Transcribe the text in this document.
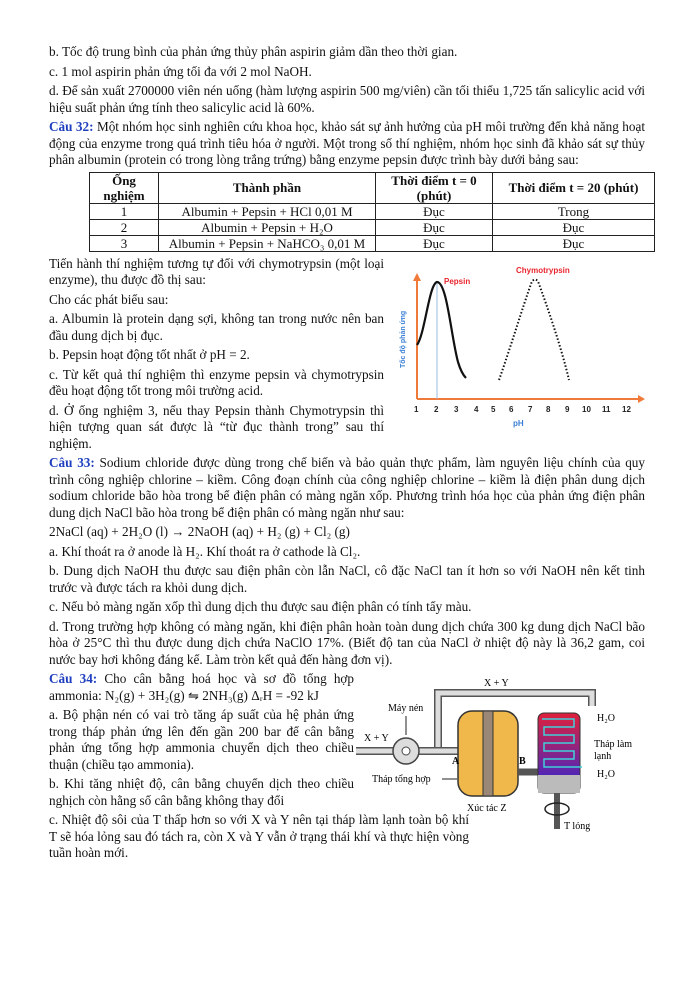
b. Tốc độ trung bình của phản ứng thủy phân aspirin giảm dần theo thời gian.

c. 1 mol aspirin phản ứng tối đa với 2 mol NaOH.

d. Để sản xuất 2700000 viên nén uống (hàm lượng aspirin 500 mg/viên) cần tối thiểu 1,725 tấn salicylic acid với hiệu suất phản ứng tính theo salicylic acid là 60%.

Câu 32: Một nhóm học sinh nghiên cứu khoa học, khảo sát sự ảnh hưởng của pH môi trường đến khả năng hoạt động của enzyme trong quá trình tiêu hóa ở người. Một trong số thí nghiệm, nhóm học sinh đã khảo sát sự thủy phân albumin (protein có trong lòng trắng trứng) bằng enzyme pepsin được trình bày dưới bảng sau:

Ống nghiệm	Thành phần	Thời điểm t = 0 (phút)	Thời điểm t = 20 (phút)
1	Albumin + Pepsin + HCl 0,01 M	Đục	Trong
2	Albumin + Pepsin + H₂O	Đục	Đục
3	Albumin + Pepsin + NaHCO₃ 0,01 M	Đục	Đục

Tiến hành thí nghiệm tương tự đối với chymotrypsin (một loại enzyme), thu được đồ thị sau:

Cho các phát biểu sau:

a. Albumin là protein dạng sợi, không tan trong nước nên ban đầu dung dịch bị đục.

b. Pepsin hoạt động tốt nhất ở pH = 2.

c. Từ kết quả thí nghiệm thì enzyme pepsin và chymotrypsin đều hoạt động tốt trong môi trường acid.

d. Ở ống nghiệm 3, nếu thay Pepsin thành Chymotrypsin thì hiện tượng quan sát được là “từ đục thành trong” sau thí nghiệm.

Pepsin
Chymotrypsin
Tốc độ phản ứng
1 2 3 4 5 6 7 8 9 10 11 12
pH

Câu 33: Sodium chloride được dùng trong chế biến và bảo quản thực phẩm, làm nguyên liệu chính của quy trình công nghiệp chlorine – kiềm. Công đoạn chính của công nghiệp chlorine – kiềm là điện phân dung dịch sodium chloride bão hòa trong bể điện phân có màng ngăn xốp. Phương trình hóa học của phản ứng điện phân dung dịch NaCl bão hòa trong bể điện phân có màng ngăn như sau:

2NaCl (aq) + 2H₂O (l) → 2NaOH (aq) + H₂ (g) + Cl₂ (g)

a. Khí thoát ra ở anode là H₂. Khí thoát ra ở cathode là Cl₂.

b. Dung dịch NaOH thu được sau điện phân còn lẫn NaCl, cô đặc NaCl tan ít hơn so với NaOH nên kết tinh trước và được tách ra khỏi dung dịch.

c. Nếu bỏ màng ngăn xốp thì dung dịch thu được sau điện phân có tính tẩy màu.

d. Trong trường hợp không có màng ngăn, khi điện phân hoàn toàn dung dịch chứa 300 kg dung dịch NaCl bão hòa ở 25°C thì thu được dung dịch chứa NaClO 17%. (Biết độ tan của NaCl ở nhiệt độ này là 36,2 gam, coi nước bay hơi không đáng kể. Làm tròn kết quả đến hàng đơn vị).

Câu 34: Cho cân bằng hoá học và sơ đồ tổng hợp ammonia: N₂(g) + 3H₂(g) ⇋ 2NH₃(g) ΔᵣH = -92 kJ

a. Bộ phận nén có vai trò tăng áp suất của hệ phản ứng trong tháp phản ứng lên đến gần 200 bar để cân bằng phản ứng tổng hợp ammonia chuyển dịch theo chiều thuận (chiều tạo ammonia).

b. Khi tăng nhiệt độ, cân bằng chuyển dịch theo chiều nghịch còn hằng số cân bằng không thay đổi

c. Nhiệt độ sôi của T thấp hơn so với X và Y nên tại tháp làm lạnh toàn bộ khí T sẽ hóa lỏng sau đó tách ra, còn X và Y vẫn ở trạng thái khí và thực hiện vòng tuần hoàn mới.

X + Y
X + Y
Máy nén
A	B
Tháp tổng hợp
Xúc tác Z
H₂O
H₂O
Tháp làm
lạnh
T lỏng
